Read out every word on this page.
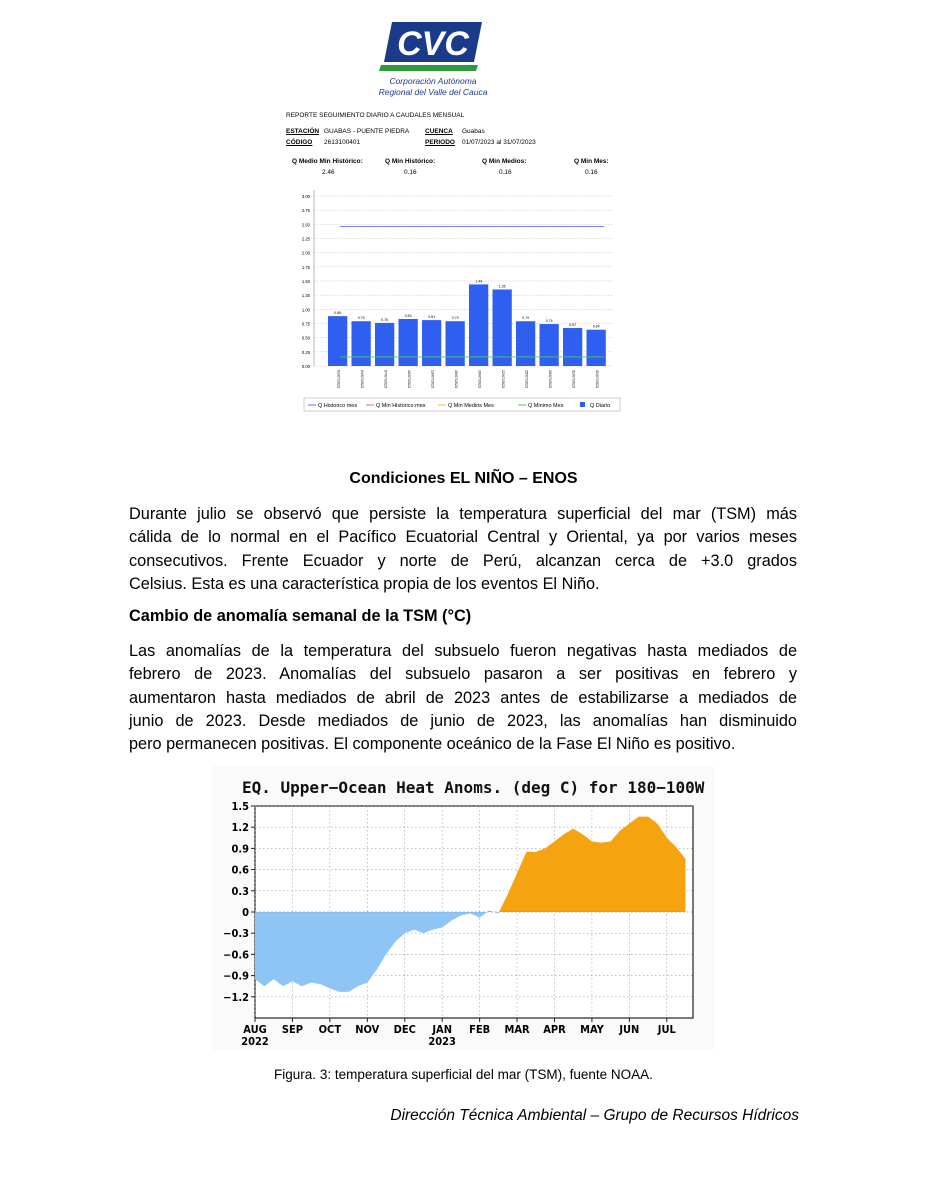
CVC
Corporación Autónoma
Regional del Valle del Cauca
REPORTE SEGUIMIENTO DIARIO A CAUDALES MENSUAL
ESTACIÓN GUABAS - PUENTE PIEDRA CUENCA Guabas
CÓDIGO 2613100401	PERIODO 01/07/2023 al 31/07/2023
Q Medio Min Histórico:
2.46
Q Min Histórico:
0.16
Q Min Medios:
0.16
Q Min Mes:
0.16
0.00
0.25
0.50
0.75
1.00
1.25
1.50
1.75
2.00
2.25
2.50
2.75
3.00
0.88
01/07/2023
0.79
04/07/2023
0.76
07/07/2023
0.83
10/07/2023
0.81
13/07/2023
0.79
16/07/2023
1.44
19/07/2023
1.35
22/07/2023
0.79
25/07/2023
0.74
28/07/2023
0.67
31/07/2023
0.64
31/07/2023
Q Historico mes	Q Min Historico mes	Q Min Medios Mes	Q Minimo Mes	Q Diario
Condiciones EL NIÑO – ENOS
Durante julio se observó que persiste la temperatura superficial del mar (TSM) más
cálida de lo normal en el Pacífico Ecuatorial Central y Oriental, ya por varios meses
consecutivos. Frente Ecuador y norte de Perú, alcanzan cerca de +3.0 grados
Celsius. Esta es una característica propia de los eventos El Niño.
Cambio de anomalía semanal de la TSM (°C)
Las anomalías de la temperatura del subsuelo fueron negativas hasta mediados de
febrero de 2023. Anomalías del subsuelo pasaron a ser positivas en febrero y
aumentaron hasta mediados de abril de 2023 antes de estabilizarse a mediados de
junio de 2023. Desde mediados de junio de 2023, las anomalías han disminuido
pero permanecen positivas. El componente oceánico de la Fase El Niño es positivo.
EQ. Upper−Ocean Heat Anoms. (deg C) for 180−100W
1.5
1.2
0.9
0.6
0.3
0
−0.3
−0.6
−0.9
−1.2
AUG
2022
SEP OCT NOV DEC JAN
2023
FEB MAR APR MAY JUN JUL
Figura. 3: temperatura superficial del mar (TSM), fuente NOAA.
Dirección Técnica Ambiental – Grupo de Recursos Hídricos
